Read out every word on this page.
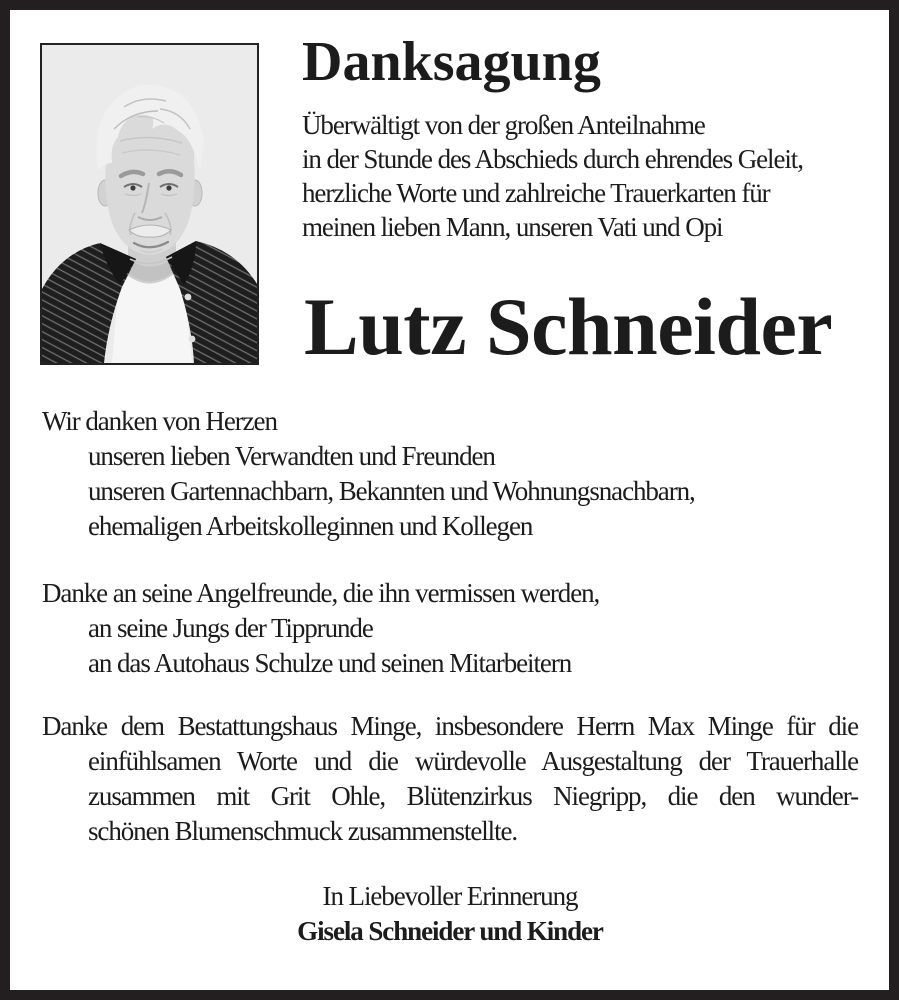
Danksagung
Überwältigt von der großen Anteilnahme
in der Stunde des Abschieds durch ehrendes Geleit,
herzliche Worte und zahlreiche Trauerkarten für
meinen lieben Mann, unseren Vati und Opi
Lutz Schneider
Wir danken von Herzen
unseren lieben Verwandten und Freunden
unseren Gartennachbarn, Bekannten und Wohnungsnachbarn,
ehemaligen Arbeitskolleginnen und Kollegen
Danke an seine Angelfreunde, die ihn vermissen werden,
an seine Jungs der Tipprunde
an das Autohaus Schulze und seinen Mitarbeitern
Danke dem Bestattungshaus Minge, insbesondere Herrn Max Minge für die
einfühlsamen Worte und die würdevolle Ausgestaltung der Trauerhalle
zusammen mit Grit Ohle, Blütenzirkus Niegripp, die den wunder-
schönen Blumenschmuck zusammenstellte.
In Liebevoller Erinnerung
Gisela Schneider und Kinder
